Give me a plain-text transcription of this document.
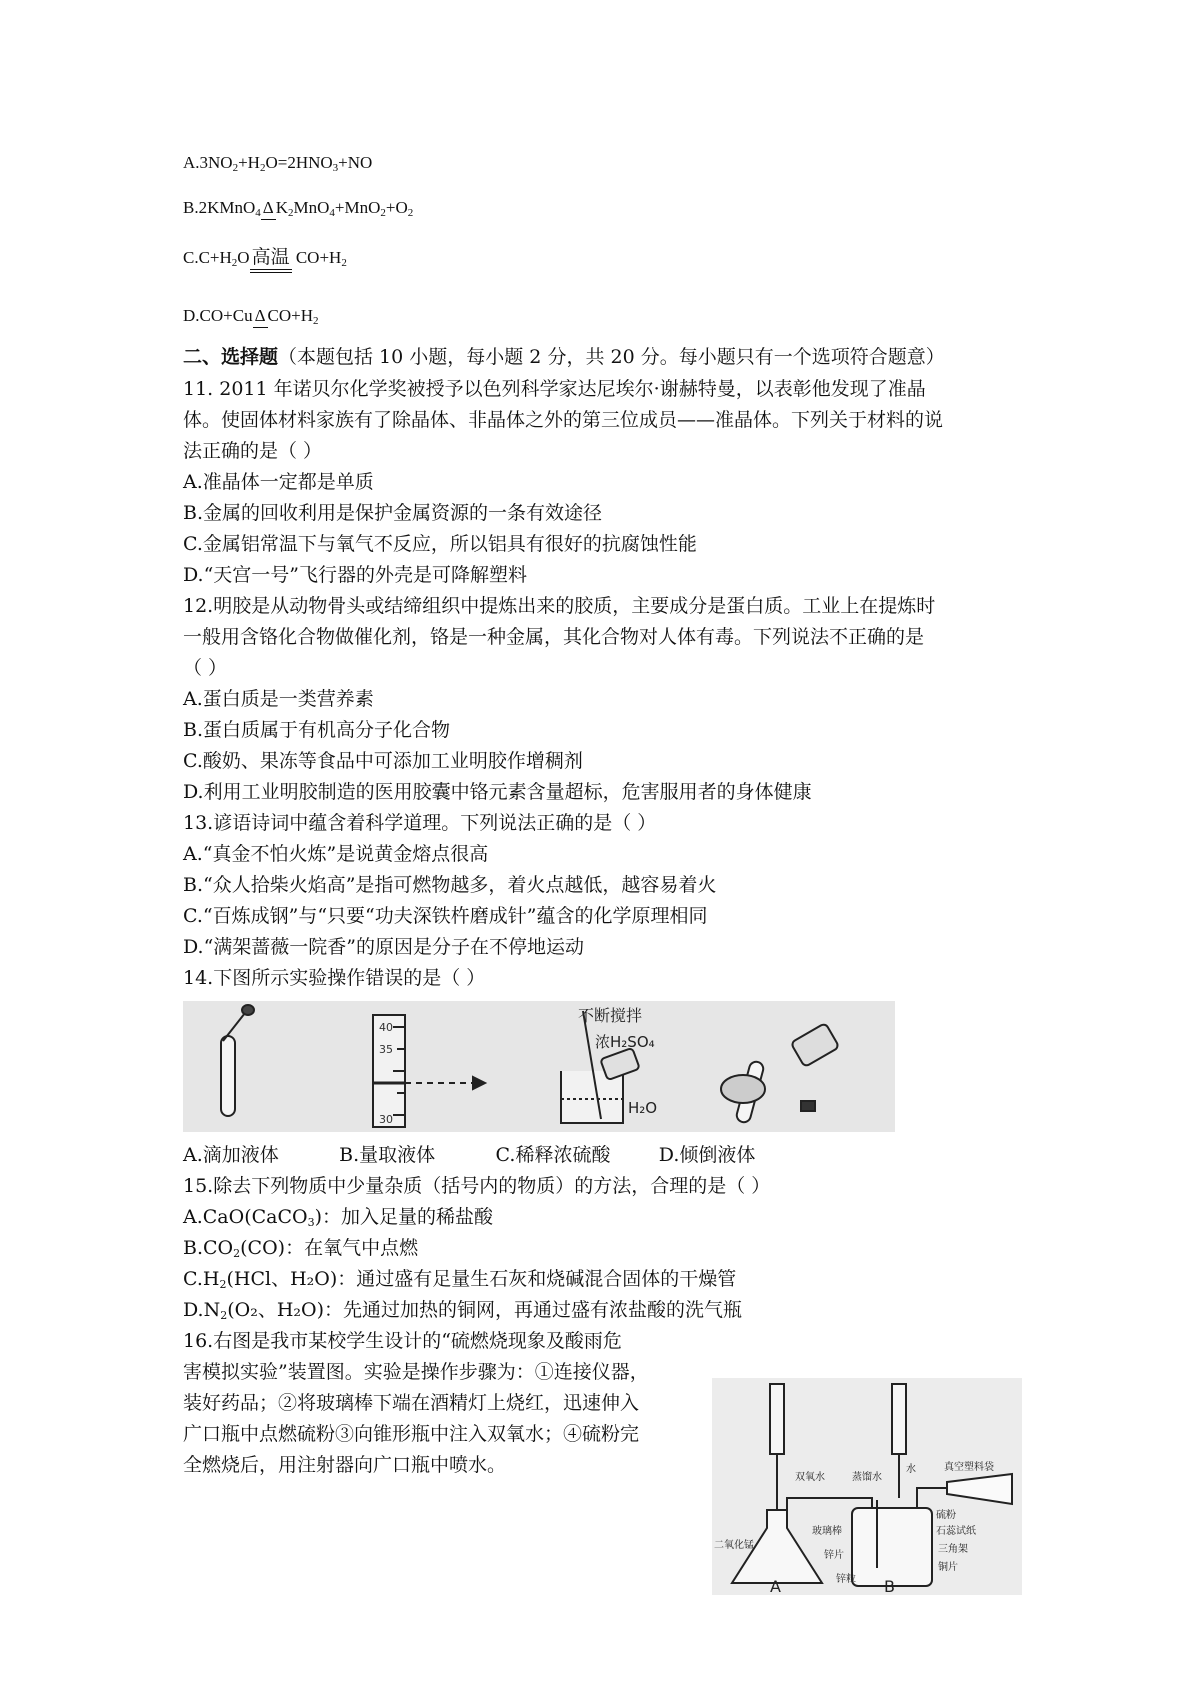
$A.3NO_2+H_2O=2HNO_3+NO$
B.2KMnO$_4$ Δ $K_2MnO_4+MnO_2+O_2$
$C.C+H_2O$ 高温 $CO+H_2$
D.CO+Cu Δ $CO+H_2$
二、选择题（本题包括 10 小题，每小题 2 分，共 20 分。每小题只有一个选项符合题意）
11. 2011 年诺贝尔化学奖被授予以色列科学家达尼埃尔·谢赫特曼，以表彰他发现了准晶
体。使固体材料家族有了除晶体、非晶体之外的第三位成员——准晶体。下列关于材料的说
法正确的是（ ）
A.准晶体一定都是单质
B.金属的回收利用是保护金属资源的一条有效途径
C.金属铝常温下与氧气不反应，所以铝具有很好的抗腐蚀性能
D.“天宫一号”飞行器的外壳是可降解塑料
12.明胶是从动物骨头或结缔组织中提炼出来的胶质，主要成分是蛋白质。工业上在提炼时
一般用含铬化合物做催化剂，铬是一种金属，其化合物对人体有毒。下列说法不正确的是
（ ）
A.蛋白质是一类营养素
B.蛋白质属于有机高分子化合物
C.酸奶、果冻等食品中可添加工业明胶作增稠剂
D.利用工业明胶制造的医用胶囊中铬元素含量超标，危害服用者的身体健康
13.谚语诗词中蕴含着科学道理。下列说法正确的是（ ）
A.“真金不怕火炼”是说黄金熔点很高
B.“众人拾柴火焰高”是指可燃物越多，着火点越低，越容易着火
C.“百炼成钢”与“只要“功夫深铁杵磨成针”蕴含的化学原理相同
D.“满架蔷薇一院香”的原因是分子在不停地运动
14.下图所示实验操作错误的是（ ）
40
35
30
不断搅拌
浓H₂SO₄
H₂O
A.滴加液体          B.量取液体          C.稀释浓硫酸        D.倾倒液体
15.除去下列物质中少量杂质（括号内的物质）的方法，合理的是（ ）
A.CaO(CaCO$_3$)：加入足量的稀盐酸
$B.CO_2(CO)$：在氧气中点燃
$C.H_2(HCl$、H₂O)：通过盛有足量生石灰和烧碱混合固体的干燥管
$D.N_2(O_2$、H₂O)：先通过加热的铜网，再通过盛有浓盐酸的洗气瓶
16.右图是我市某校学生设计的“硫燃烧现象及酸雨危
害模拟实验”装置图。实验是操作步骤为：①连接仪器，
装好药品；②将玻璃棒下端在酒精灯上烧红，迅速伸入
广口瓶中点燃硫粉③向锥形瓶中注入双氧水；④硫粉完
全燃烧后，用注射器向广口瓶中喷水。
双氧水	蒸馏水
水	真空塑料袋
硫粉
石蕊试纸
二氧化锰
玻璃棒
铜片
三角架
锌片
锌粒
A	B
